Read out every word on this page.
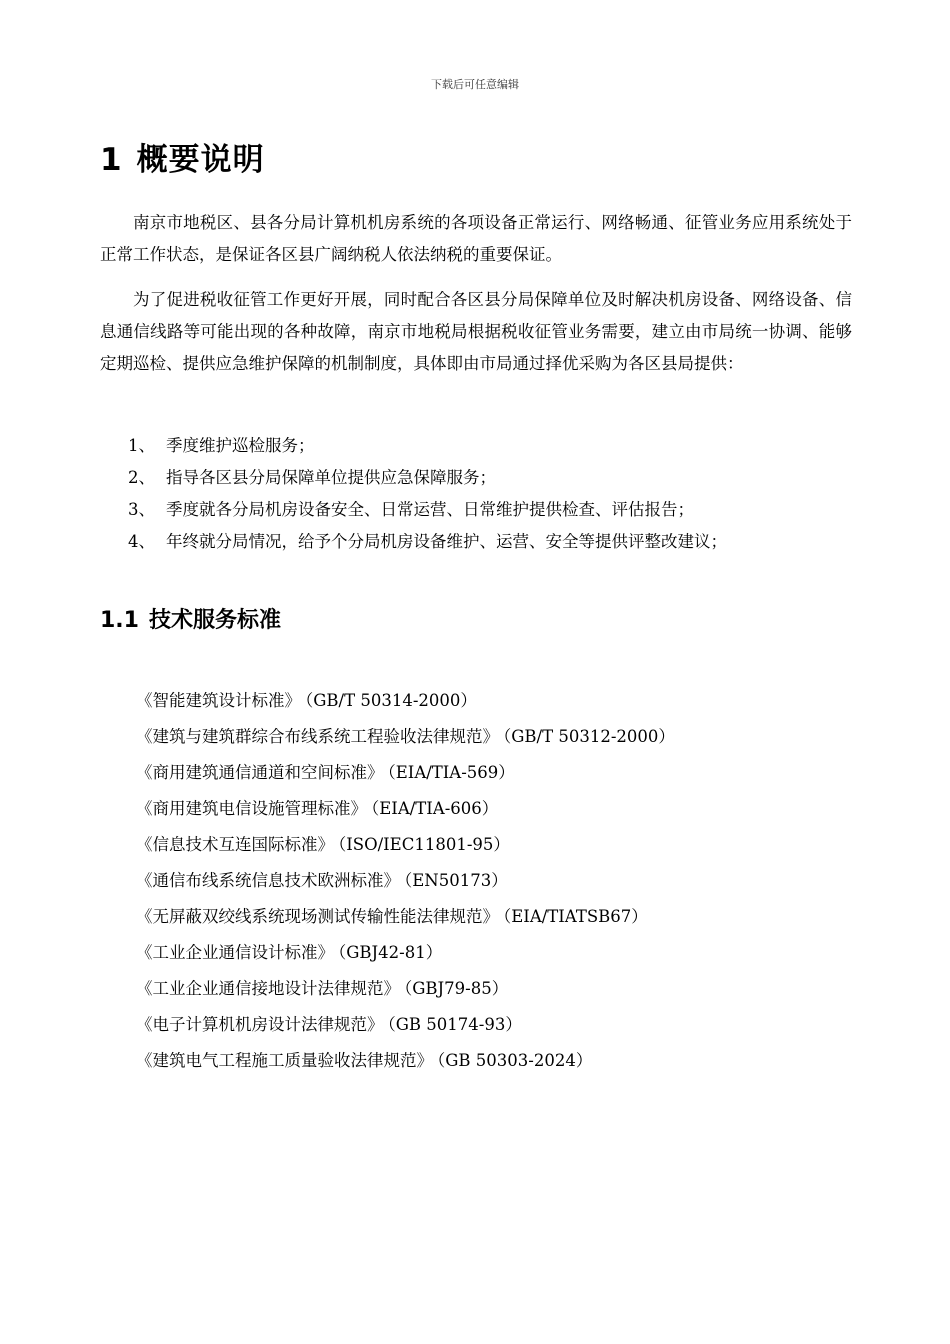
下载后可任意编辑
1 概要说明

南京市地税区、县各分局计算机机房系统的各项设备正常运行、网络畅通、征管业务应用系统处于正常工作状态，是保证各区县广阔纳税人依法纳税的重要保证。

为了促进税收征管工作更好开展，同时配合各区县分局保障单位及时解决机房设备、网络设备、信息通信线路等可能出现的各种故障，南京市地税局根据税收征管业务需要，建立由市局统一协调、能够定期巡检、提供应急维护保障的机制制度，具体即由市局通过择优采购为各区县局提供：

1、 季度维护巡检服务；
2、 指导各区县分局保障单位提供应急保障服务；
3、 季度就各分局机房设备安全、日常运营、日常维护提供检查、评估报告；
4、 年终就分局情况，给予个分局机房设备维护、运营、安全等提供评整改建议；
1.1 技术服务标准
《智能建筑设计标准》 （GB/T 50314-2000）
《建筑与建筑群综合布线系统工程验收法律规范》 （GB/T 50312-2000）
《商用建筑通信通道和空间标准》 （EIA/TIA-569）
《商用建筑电信设施管理标准》 （EIA/TIA-606）
《信息技术互连国际标准》 （ISO/IEC11801-95）
《通信布线系统信息技术欧洲标准》 （EN50173）
《无屏蔽双绞线系统现场测试传输性能法律规范》 （EIA/TIATSB67）
《工业企业通信设计标准》 （GBJ42-81）
《工业企业通信接地设计法律规范》 （GBJ79-85）
《电子计算机机房设计法律规范》 （GB 50174-93）
《建筑电气工程施工质量验收法律规范》 （GB 50303-2024）
